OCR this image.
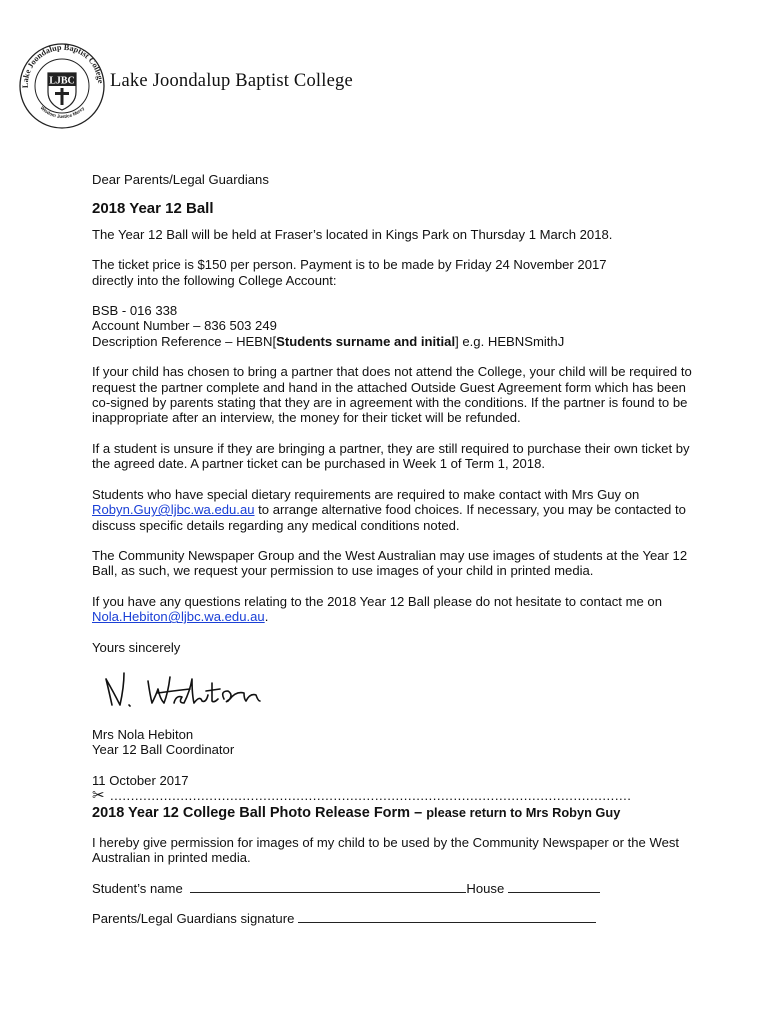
Lake Joondalup Baptist College
Wisdom Justice Mercy
LJBC Lake Joondalup Baptist College

Dear Parents/Legal Guardians

2018 Year 12 Ball

The Year 12 Ball will be held at Fraser’s located in Kings Park on Thursday 1 March 2018.

The ticket price is $150 per person. Payment is to be made by Friday 24 November 2017

directly into the following College Account:

BSB - 016 338

Account Number – 836 503 249

Description Reference – HEBN[Students surname and initial] e.g. HEBNSmithJ

If your child has chosen to bring a partner that does not attend the College, your child will be required to request the partner complete and hand in the attached Outside Guest Agreement form which has been co-signed by parents stating that they are in agreement with the conditions. If the partner is found to be inappropriate after an interview, the money for their ticket will be refunded.

If a student is unsure if they are bringing a partner, they are still required to purchase their own ticket by the agreed date. A partner ticket can be purchased in Week 1 of Term 1, 2018.

Students who have special dietary requirements are required to make contact with Mrs Guy on Robyn.Guy@ljbc.wa.edu.au to arrange alternative food choices. If necessary, you may be contacted to discuss specific details regarding any medical conditions noted.

The Community Newspaper Group and the West Australian may use images of students at the Year 12 Ball, as such, we request your permission to use images of your child in printed media.

If you have any questions relating to the 2018 Year 12 Ball please do not hesitate to contact me on Nola.Hebiton@ljbc.wa.edu.au.

Yours sincerely

Mrs Nola Hebiton

Year 12 Ball Coordinator

11 October 2017

✂ ..............................................................................................................................

2018 Year 12 College Ball Photo Release Form – please return to Mrs Robyn Guy

I hereby give permission for images of my child to be used by the Community Newspaper or the West Australian in printed media.

Student’s name	House

Parents/Legal Guardians signature
